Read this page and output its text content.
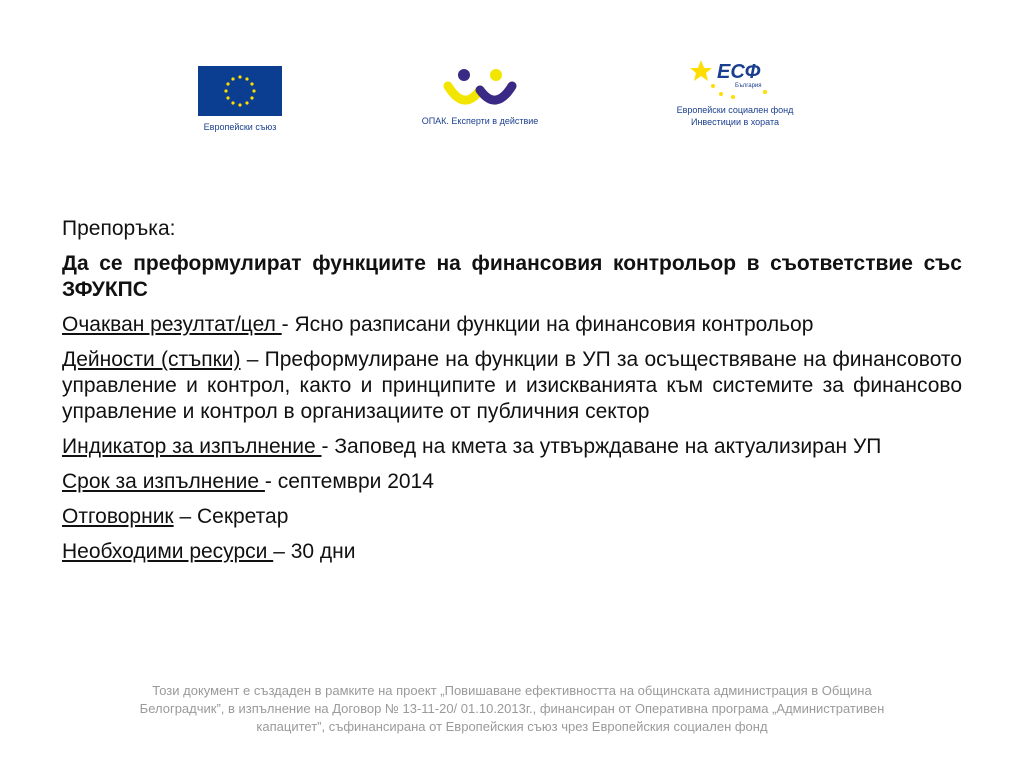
Европейски съюз
ОПАК. Експерти в действие
ЕСФ
България
Европейски социален фонд
Инвестиции в хората

Препоръка:

Да се преформулират функциите на финансовия контрольор в съответствие със ЗФУКПС

Очакван резултат/цел - Ясно разписани функции на финансовия контрольор

Дейности (стъпки) – Преформулиране на функции в УП за осъществяване на финансовото управление и контрол, както и принципите и изискванията към системите за финансово управление и контрол в организациите от публичния сектор

Индикатор за изпълнение - Заповед на кмета за утвърждаване на актуализиран УП

Срок за изпълнение - септември 2014

Отговорник – Секретар

Необходими ресурси – 30 дни

Този документ е създаден в рамките на проект „Повишаване ефективността на общинската администрация в Община
Белоградчик”, в изпълнение на Договор № 13-11-20/ 01.10.2013г., финансиран от Оперативна програма „Административен
капацитет”, съфинансирана от Европейския съюз чрез Европейския социален фонд
